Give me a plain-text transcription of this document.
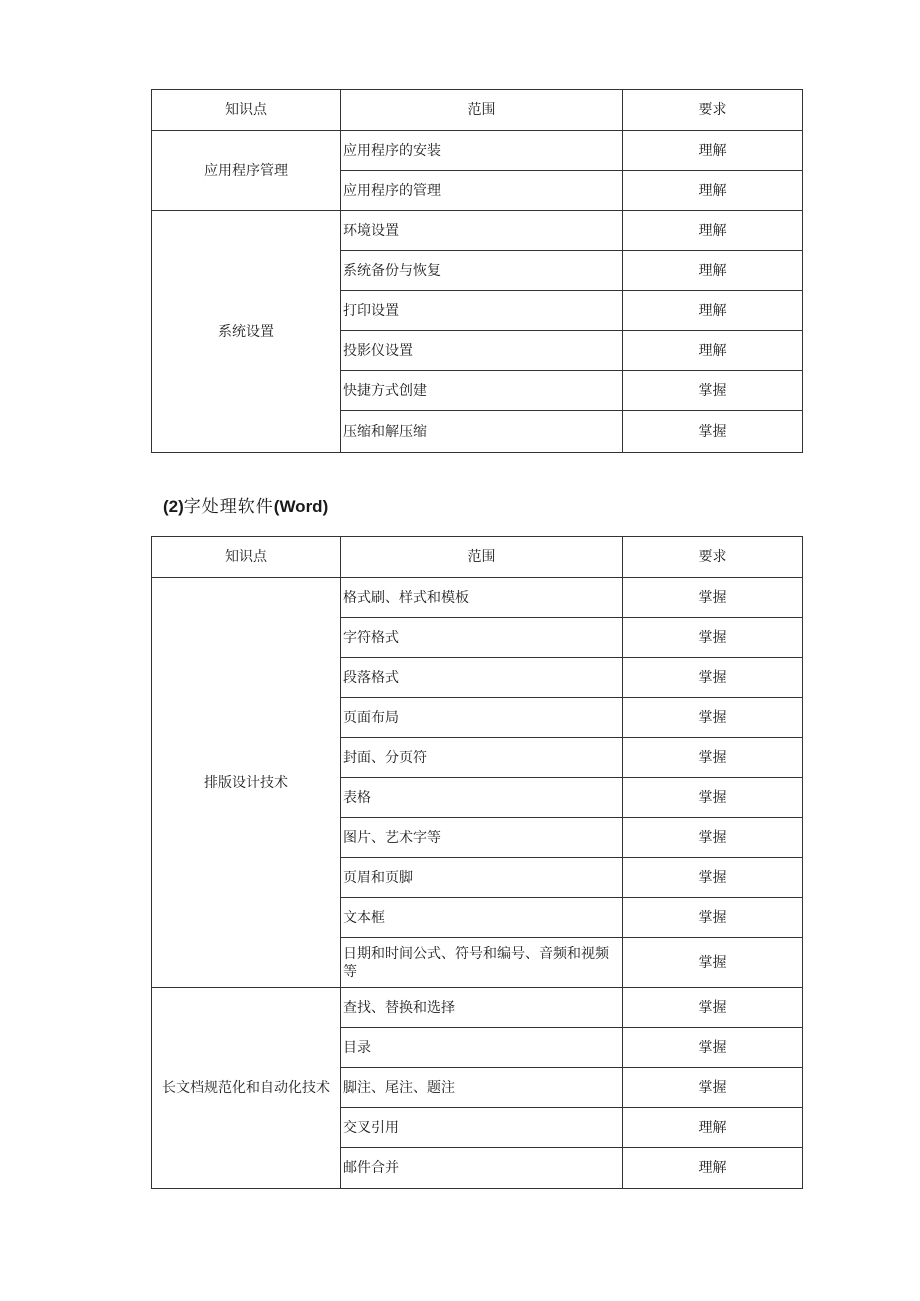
知识点	范围	要求
应用程序管理	应用程序的安装	理解
	应用程序的管理	理解
系统设置	环境设置	理解
	系统备份与恢复	理解
	打印设置	理解
	投影仪设置	理解
	快捷方式创建	掌握
	压缩和解压缩	掌握
(2)字处理软件(Word)
知识点	范围	要求
排版设计技术	格式刷、样式和模板	掌握
	字符格式	掌握
	段落格式	掌握
	页面布局	掌握
	封面、分页符	掌握
	表格	掌握
	图片、艺术字等	掌握
	页眉和页脚	掌握
	文本框	掌握
	日期和时间公式、符号和编号、音频和视频等	掌握
长文档规范化和自动化技术	查找、替换和选择	掌握
	目录	掌握
	脚注、尾注、题注	掌握
	交叉引用	理解
	邮件合并	理解
